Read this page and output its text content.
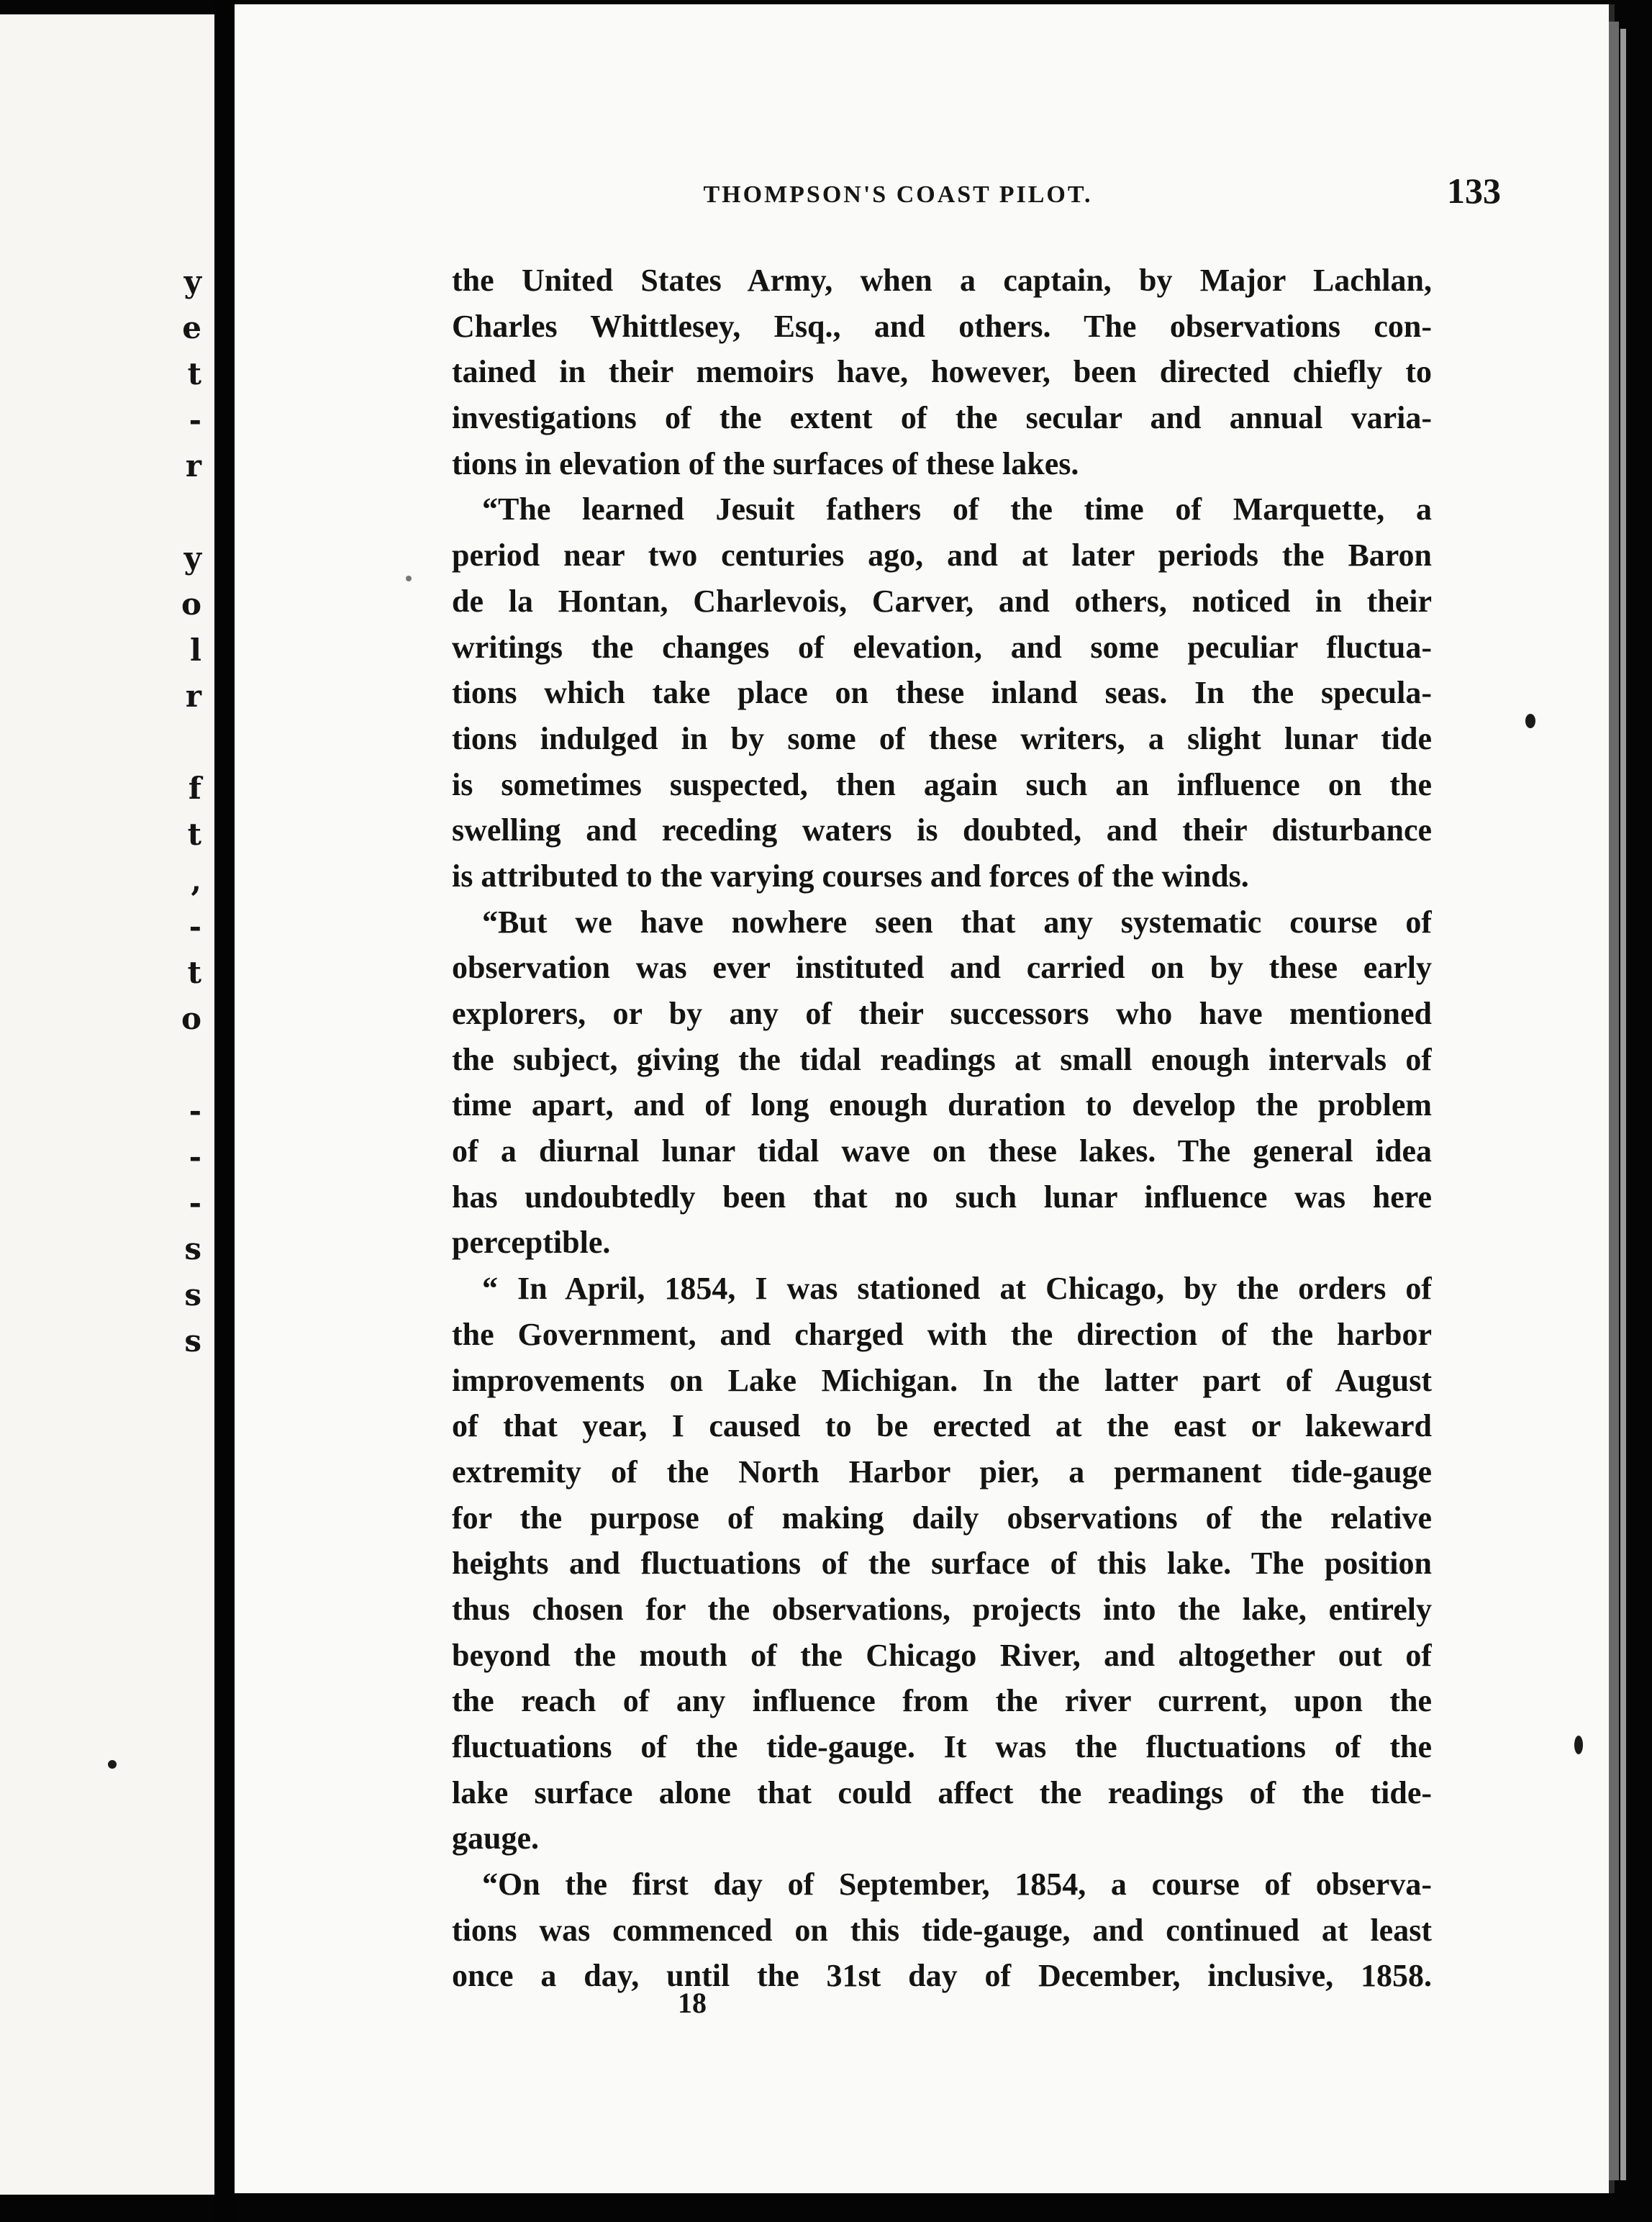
y
e
t
-
r
y
o
l
r
f
t
,
-
t
o
-
-
-
s
s
s
THOMPSON'S COAST PILOT.	133
the United States Army, when a captain, by Major Lachlan,
Charles Whittlesey, Esq., and others. The observations con-
tained in their memoirs have, however, been directed chiefly to
investigations of the extent of the secular and annual varia-
tions in elevation of the surfaces of these lakes.
“The learned Jesuit fathers of the time of Marquette, a
period near two centuries ago, and at later periods the Baron
de la Hontan, Charlevois, Carver, and others, noticed in their
writings the changes of elevation, and some peculiar fluctua-
tions which take place on these inland seas. In the specula-
tions indulged in by some of these writers, a slight lunar tide
is sometimes suspected, then again such an influence on the
swelling and receding waters is doubted, and their disturbance
is attributed to the varying courses and forces of the winds.
“But we have nowhere seen that any systematic course of
observation was ever instituted and carried on by these early
explorers, or by any of their successors who have mentioned
the subject, giving the tidal readings at small enough intervals of
time apart, and of long enough duration to develop the problem
of a diurnal lunar tidal wave on these lakes. The general idea
has undoubtedly been that no such lunar influence was here
perceptible.
“ In April, 1854, I was stationed at Chicago, by the orders of
the Government, and charged with the direction of the harbor
improvements on Lake Michigan. In the latter part of August
of that year, I caused to be erected at the east or lakeward
extremity of the North Harbor pier, a permanent tide-gauge
for the purpose of making daily observations of the relative
heights and fluctuations of the surface of this lake. The position
thus chosen for the observations, projects into the lake, entirely
beyond the mouth of the Chicago River, and altogether out of
the reach of any influence from the river current, upon the
fluctuations of the tide-gauge. It was the fluctuations of the
lake surface alone that could affect the readings of the tide-
gauge.
“On the first day of September, 1854, a course of observa-
tions was commenced on this tide-gauge, and continued at least
once a day, until the 31st day of December, inclusive, 1858.
18
